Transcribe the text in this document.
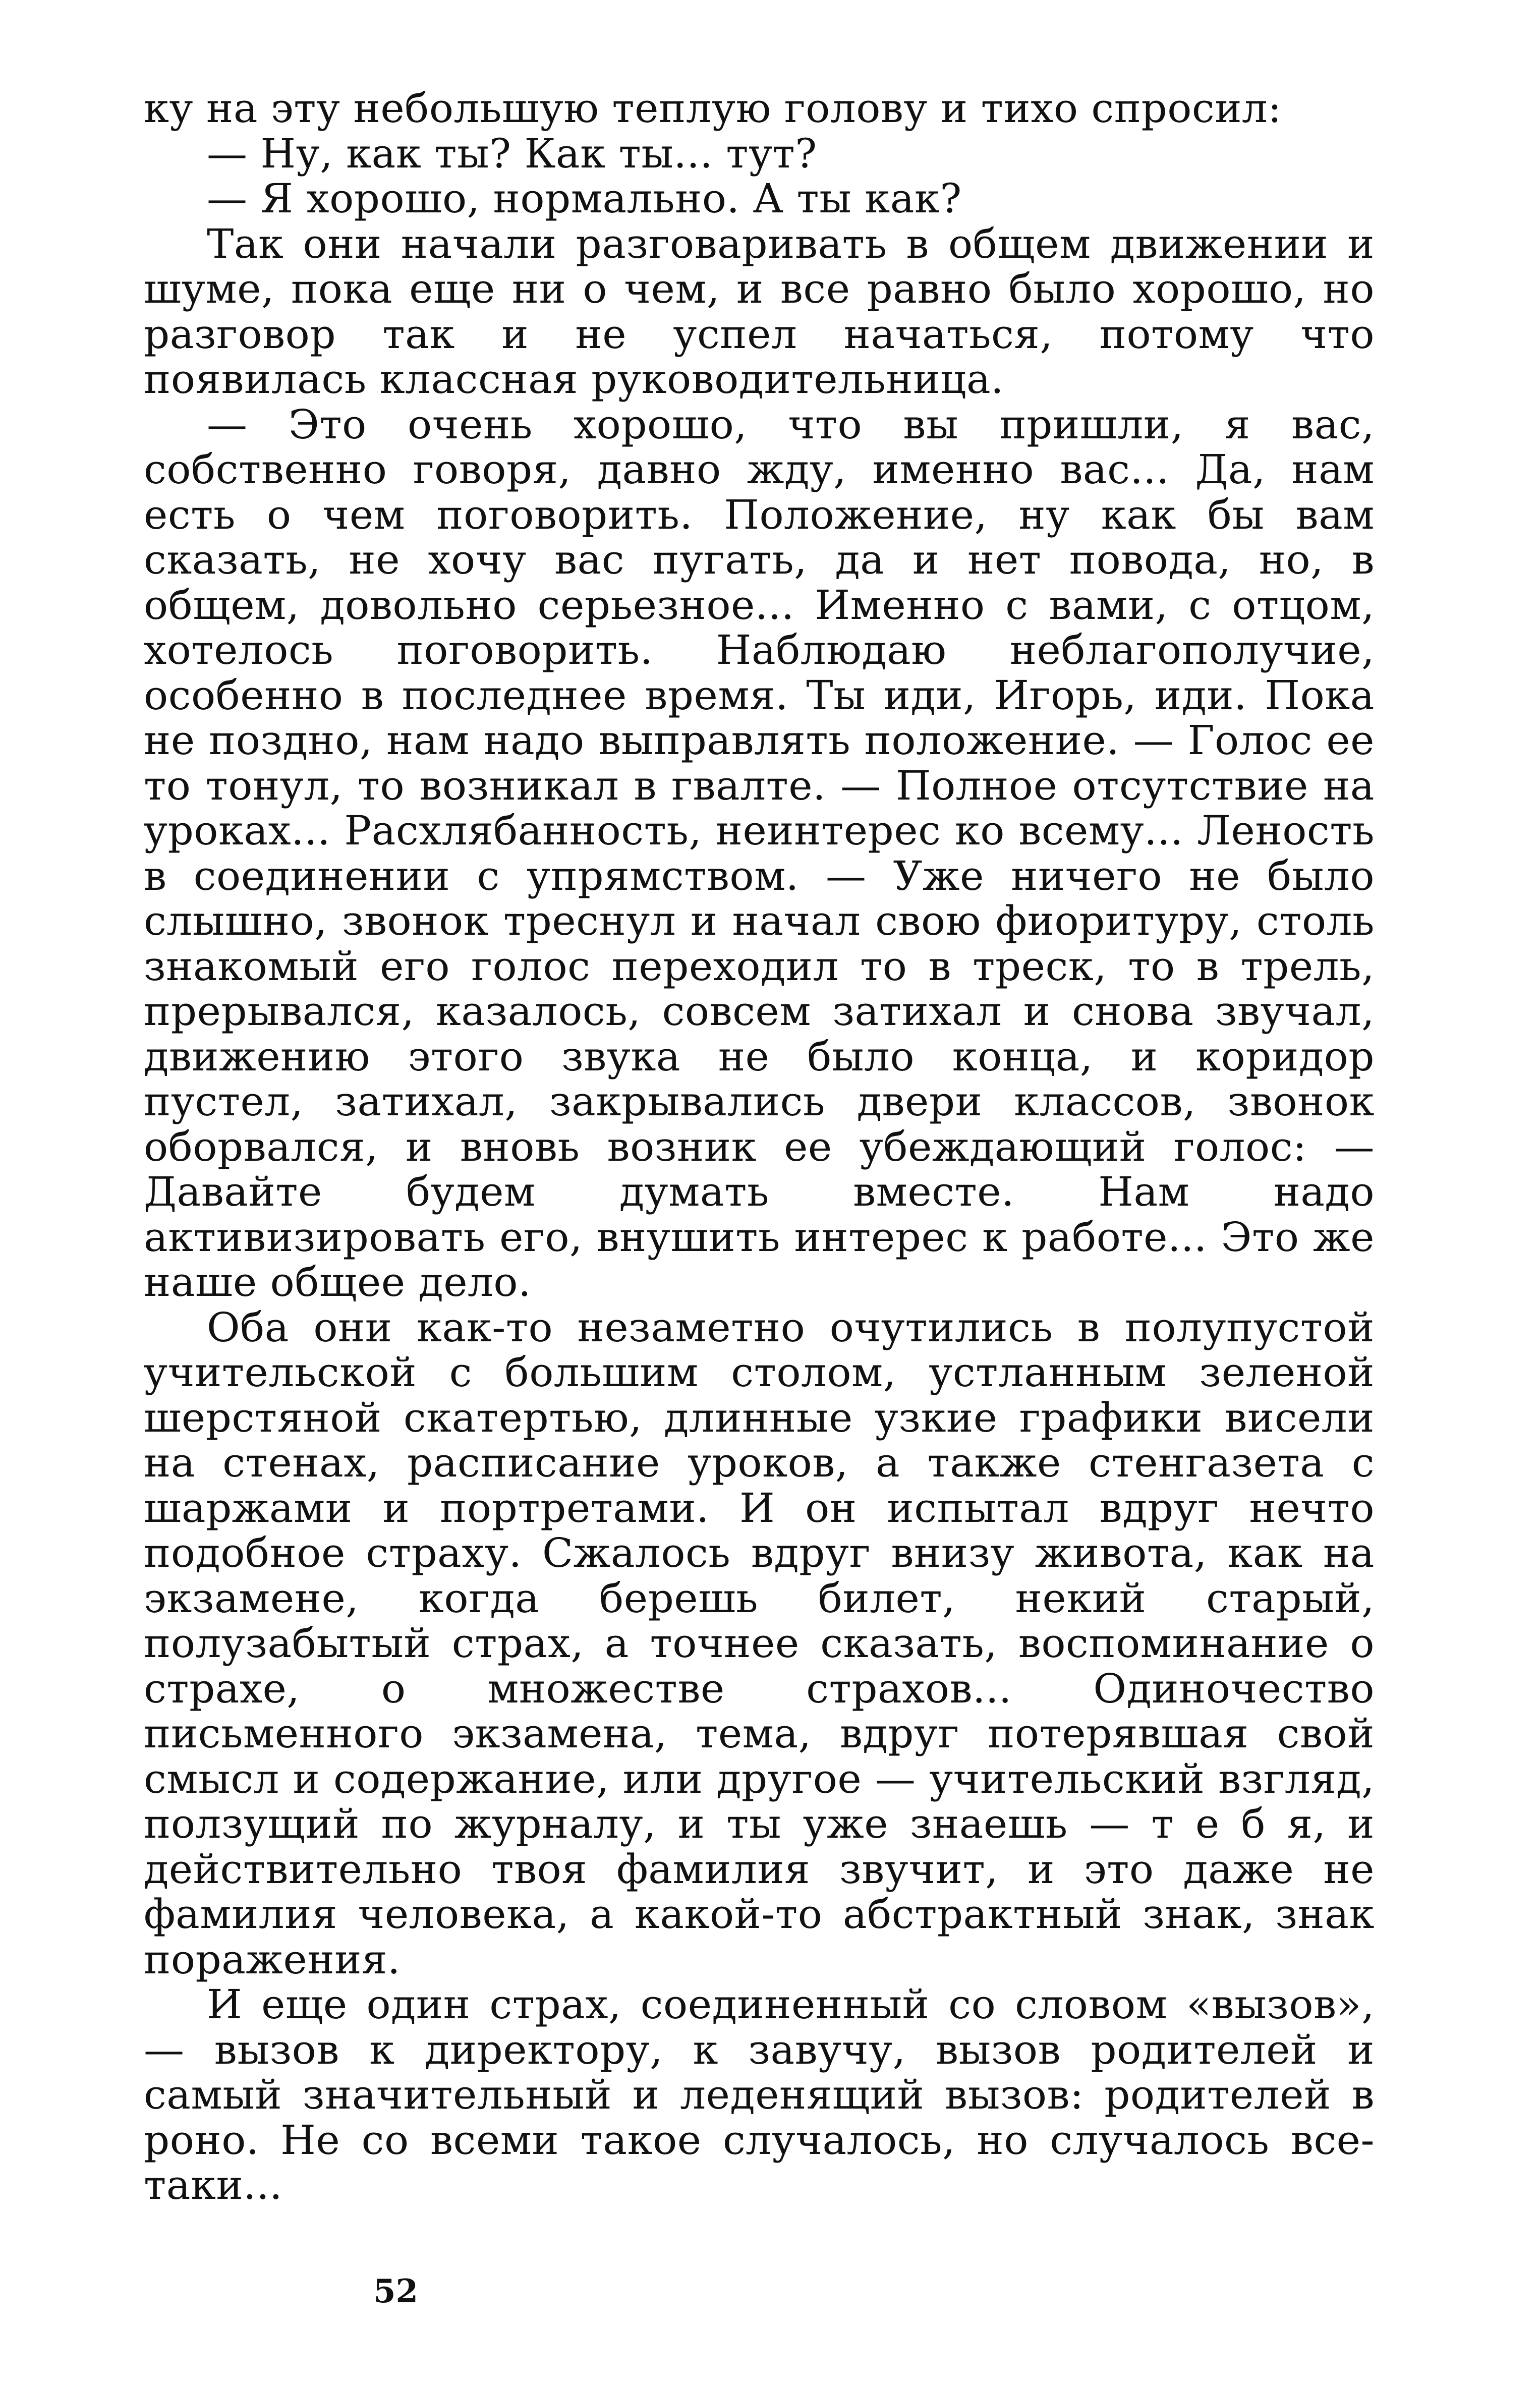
ку на эту небольшую теплую голову и тихо спросил:

— Ну, как ты? Как ты... тут?

— Я хорошо, нормально. А ты как?

Так они начали разговаривать в общем движении и шуме, пока еще ни о чем, и все равно было хорошо, но разговор так и не успел начаться, потому что появилась классная руководительница.

— Это очень хорошо, что вы пришли, я вас, собственно говоря, давно жду, именно вас... Да, нам есть о чем поговорить. Положение, ну как бы вам сказать, не хочу вас пугать, да и нет повода, но, в общем, довольно серьезное... Именно с вами, с отцом, хотелось поговорить. Наблюдаю неблагополучие, особенно в последнее время. Ты иди, Игорь, иди. Пока не поздно, нам надо выправлять положение. — Голос ее то тонул, то возникал в гвалте. — Полное отсутствие на уроках... Расхлябанность, неинтерес ко всему... Леность в соединении с упрямством. — Уже ничего не было слышно, звонок треснул и начал свою фиоритуру, столь знакомый его голос переходил то в треск, то в трель, прерывался, казалось, совсем затихал и снова звучал, движению этого звука не было конца, и коридор пустел, затихал, закрывались двери классов, звонок оборвался, и вновь возник ее убеждающий голос: — Давайте будем думать вместе. Нам надо активизировать его, внушить интерес к работе... Это же наше общее дело.

Оба они как-то незаметно очутились в полупустой учительской с большим столом, устланным зеленой шерстяной скатертью, длинные узкие графики висели на стенах, расписание уроков, а также стенгазета с шаржами и портретами. И он испытал вдруг нечто подобное страху. Сжалось вдруг внизу живота, как на экзамене, когда берешь билет, некий старый, полузабытый страх, а точнее сказать, воспоминание о страхе, о множестве страхов... Одиночество письменного экзамена, тема, вдруг потерявшая свой смысл и содержание, или другое — учительский взгляд, ползущий по журналу, и ты уже знаешь — т е б я, и действительно твоя фамилия звучит, и это даже не фамилия человека, а какой-то абстрактный знак, знак поражения.

И еще один страх, соединенный со словом «вызов», — вызов к директору, к завучу, вызов родителей и самый значительный и леденящий вызов: родителей в роно. Не со всеми такое случалось, но случалось все-таки...

52
